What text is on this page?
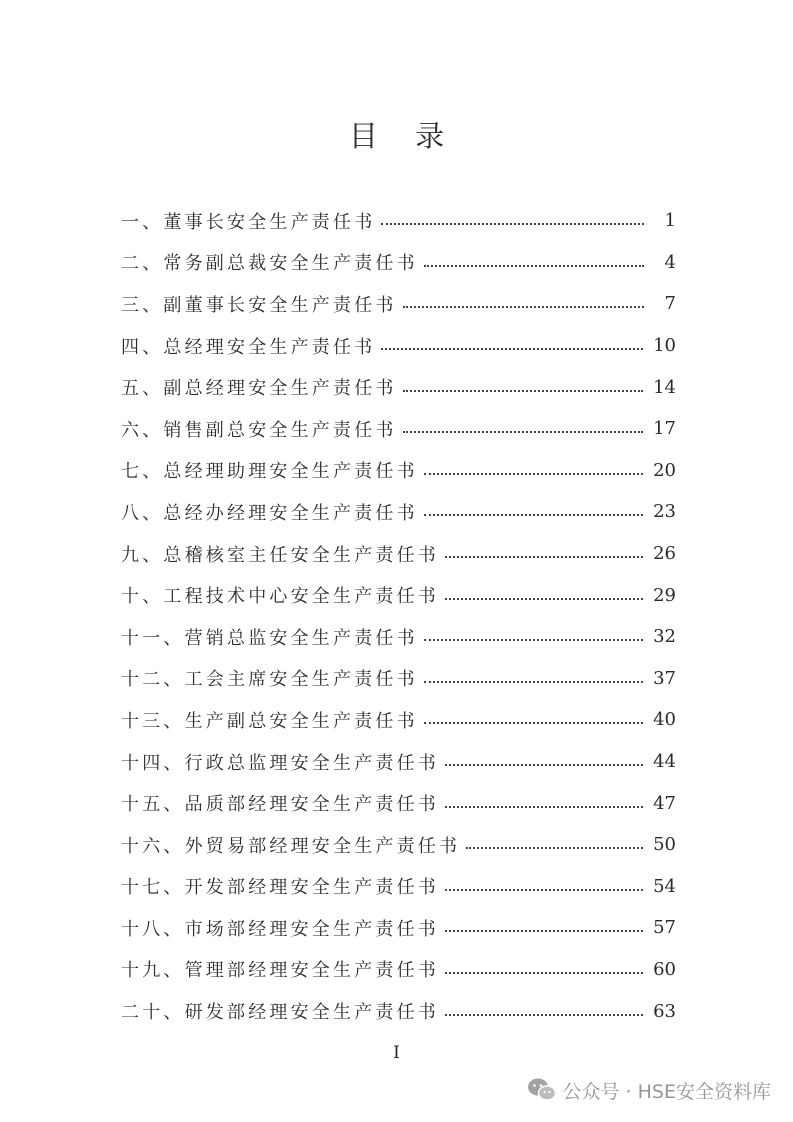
目 录
一、董事长安全生产责任书	1
二、常务副总裁安全生产责任书	4
三、副董事长安全生产责任书	7
四、总经理安全生产责任书	10
五、副总经理安全生产责任书	14
六、销售副总安全生产责任书	17
七、总经理助理安全生产责任书	20
八、总经办经理安全生产责任书	23
九、总稽核室主任安全生产责任书	26
十、工程技术中心安全生产责任书	29
十一、营销总监安全生产责任书	32
十二、工会主席安全生产责任书	37
十三、生产副总安全生产责任书	40
十四、行政总监理安全生产责任书	44
十五、品质部经理安全生产责任书	47
十六、外贸易部经理安全生产责任书	50
十七、开发部经理安全生产责任书	54
十八、市场部经理安全生产责任书	57
十九、管理部经理安全生产责任书	60
二十、研发部经理安全生产责任书	63
I
公众号 · HSE安全资料库
